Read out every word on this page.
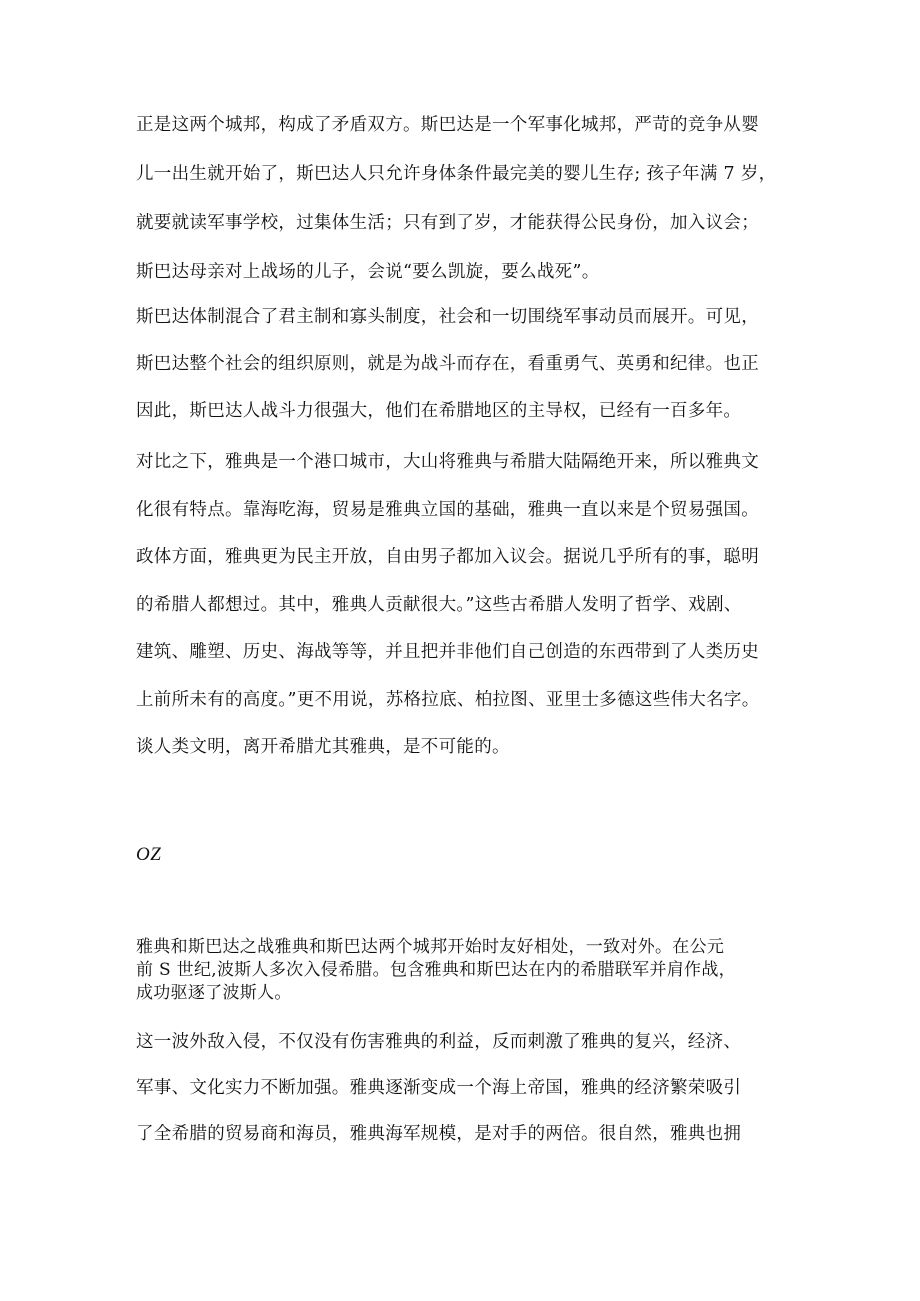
正是这两个城邦，构成了矛盾双方。斯巴达是一个军事化城邦，严苛的竞争从婴
儿一出生就开始了，斯巴达人只允许身体条件最完美的婴儿生存; 孩子年满 7 岁，
就要就读军事学校，过集体生活；只有到了岁，才能获得公民身份，加入议会；
斯巴达母亲对上战场的儿子，会说“要么凯旋，要么战死”。

斯巴达体制混合了君主制和寡头制度，社会和一切围绕军事动员而展开。可见，
斯巴达整个社会的组织原则，就是为战斗而存在，看重勇气、英勇和纪律。也正
因此，斯巴达人战斗力很强大，他们在希腊地区的主导权，已经有一百多年。

对比之下，雅典是一个港口城市，大山将雅典与希腊大陆隔绝开来，所以雅典文
化很有特点。靠海吃海，贸易是雅典立国的基础，雅典一直以来是个贸易强国。
政体方面，雅典更为民主开放，自由男子都加入议会。据说几乎所有的事，聪明
的希腊人都想过。其中，雅典人贡献很大。”这些古希腊人发明了哲学、戏剧、
建筑、雕塑、历史、海战等等，并且把并非他们自己创造的东西带到了人类历史
上前所未有的高度。”更不用说，苏格拉底、柏拉图、亚里士多德这些伟大名字。
谈人类文明，离开希腊尤其雅典，是不可能的。

OZ

雅典和斯巴达之战雅典和斯巴达两个城邦开始时友好相处，一致对外。在公元
前 S 世纪,波斯人多次入侵希腊。包含雅典和斯巴达在内的希腊联军并肩作战，
成功驱逐了波斯人。

这一波外敌入侵，不仅没有伤害雅典的利益，反而刺激了雅典的复兴，经济、
军事、文化实力不断加强。雅典逐渐变成一个海上帝国，雅典的经济繁荣吸引
了全希腊的贸易商和海员，雅典海军规模，是对手的两倍。很自然，雅典也拥
